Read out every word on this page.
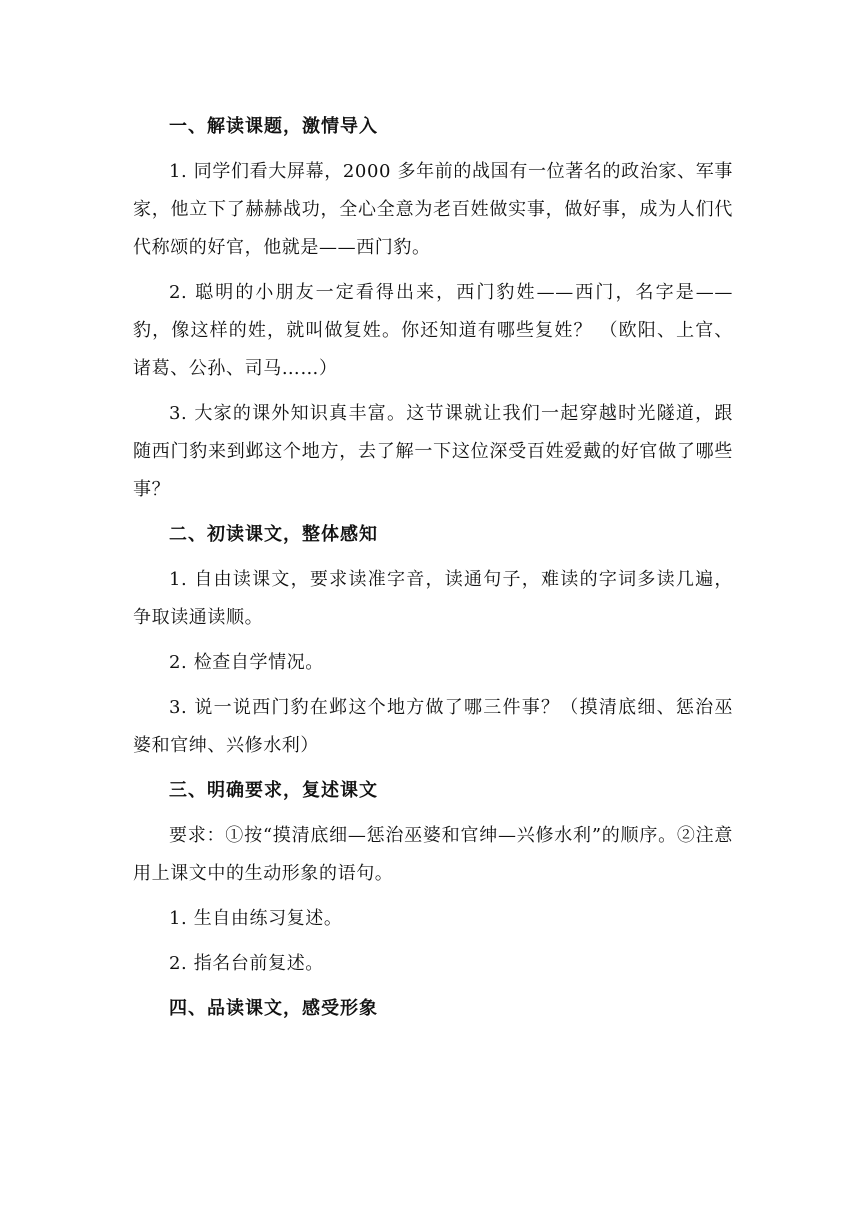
一、解读课题，激情导入

1. 同学们看大屏幕，2000 多年前的战国有一位著名的政治家、军事家，他立下了赫赫战功，全心全意为老百姓做实事，做好事，成为人们代代称颂的好官，他就是——西门豹。

2. 聪明的小朋友一定看得出来，西门豹姓——西门，名字是——豹，像这样的姓，就叫做复姓。你还知道有哪些复姓？ （欧阳、上官、诸葛、公孙、司马……）

3. 大家的课外知识真丰富。这节课就让我们一起穿越时光隧道，跟随西门豹来到邺这个地方，去了解一下这位深受百姓爱戴的好官做了哪些事？

二、初读课文，整体感知

1. 自由读课文，要求读准字音，读通句子，难读的字词多读几遍，争取读通读顺。

2. 检查自学情况。

3. 说一说西门豹在邺这个地方做了哪三件事？（摸清底细、惩治巫婆和官绅、兴修水利）

三、明确要求，复述课文

要求：①按“摸清底细—惩治巫婆和官绅—兴修水利”的顺序。②注意用上课文中的生动形象的语句。

1. 生自由练习复述。

2. 指名台前复述。

四、品读课文，感受形象
